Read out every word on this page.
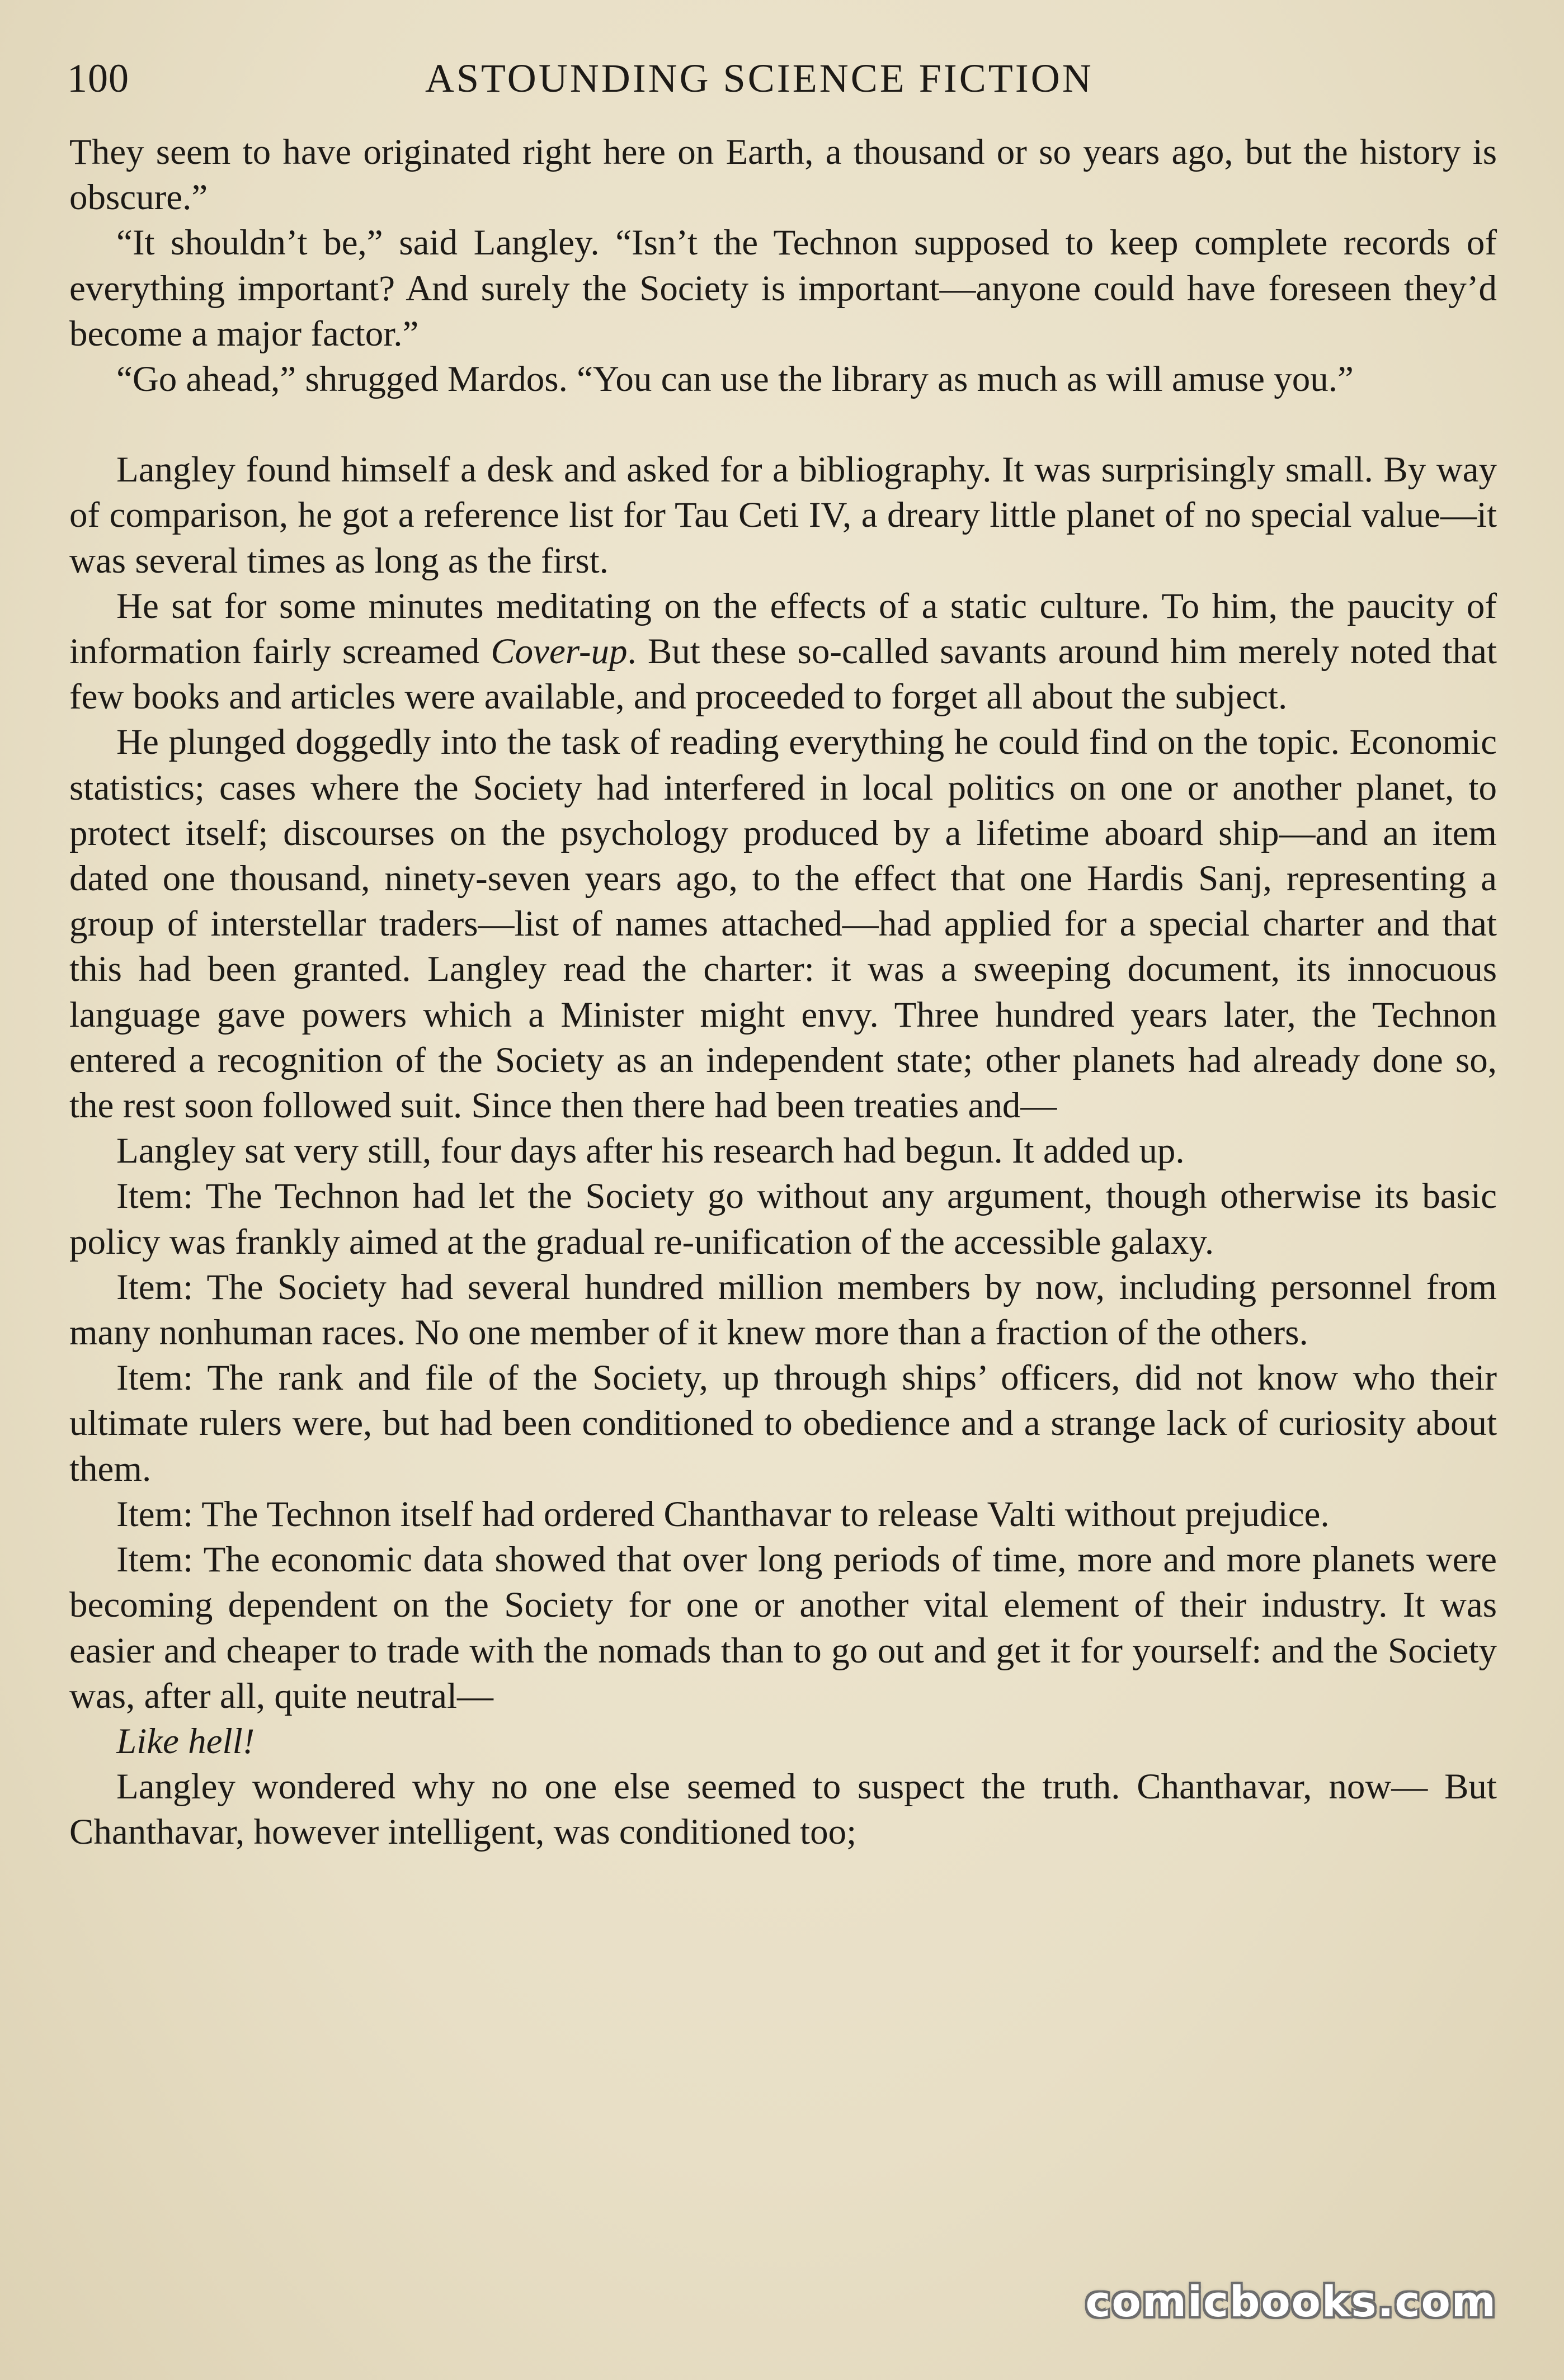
100	ASTOUNDING SCIENCE FICTION

They seem to have originated right here on Earth, a thousand or so years ago, but the history is obscure.”

“It shouldn’t be,” said Langley. “Isn’t the Technon supposed to keep complete records of everything important? And surely the Society is important—anyone could have foreseen they’d become a major factor.”

“Go ahead,” shrugged Mardos. “You can use the library as much as will amuse you.”

Langley found himself a desk and asked for a bibliography. It was surprisingly small. By way of comparison, he got a reference list for Tau Ceti IV, a dreary little planet of no special value—it was several times as long as the first.

He sat for some minutes meditating on the effects of a static culture. To him, the paucity of information fairly screamed Cover-up. But these so-called savants around him merely noted that few books and articles were available, and proceeded to forget all about the subject.

He plunged doggedly into the task of reading everything he could find on the topic. Economic statistics; cases where the Society had interfered in local politics on one or another planet, to protect itself; discourses on the psychology produced by a lifetime aboard ship—and an item dated one thousand, ninety-seven years ago, to the effect that one Hardis Sanj, representing a group of interstellar traders—list of names attached—had applied for a special charter and that this had been granted. Langley read the charter: it was a sweeping document, its innocuous language gave powers which a Minister might envy. Three hundred years later, the Technon entered a recognition of the Society as an independent state; other planets had already done so, the rest soon followed suit. Since then there had been treaties and—

Langley sat very still, four days after his research had begun. It added up.

Item: The Technon had let the Society go without any argument, though otherwise its basic policy was frankly aimed at the gradual re-unification of the accessible galaxy.

Item: The Society had several hundred million members by now, including personnel from many nonhuman races. No one member of it knew more than a fraction of the others.

Item: The rank and file of the Society, up through ships’ officers, did not know who their ultimate rulers were, but had been conditioned to obedience and a strange lack of curiosity about them.

Item: The Technon itself had ordered Chanthavar to release Valti without prejudice.

Item: The economic data showed that over long periods of time, more and more planets were becoming dependent on the Society for one or another vital element of their industry. It was easier and cheaper to trade with the nomads than to go out and get it for yourself: and the Society was, after all, quite neutral—

Like hell!

Langley wondered why no one else seemed to suspect the truth. Chanthavar, now— But Chanthavar, however intelligent, was conditioned too;

comicbooks.com
